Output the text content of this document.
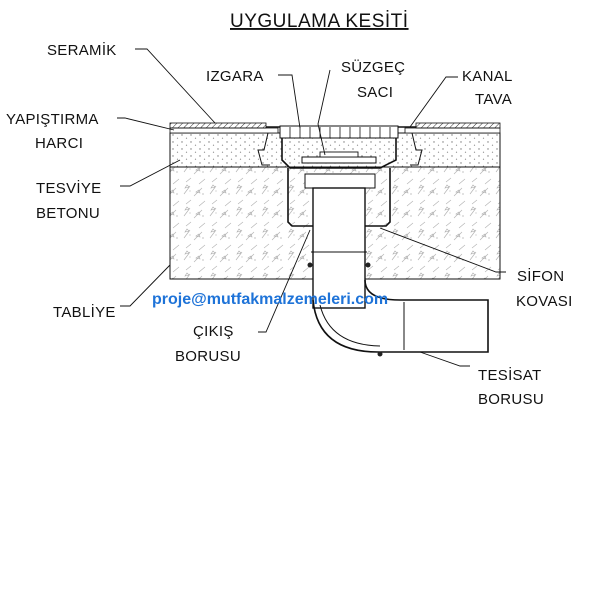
UYGULAMA KESİTİ
SERAMİK
YAPIŞTIRMA
HARCI
TESVİYE
BETONU
TABLİYE
IZGARA
SÜZGEÇ
SACI
KANAL
TAVA
SİFON
KOVASI
ÇIKIŞ
BORUSU
TESİSAT
BORUSU
proje@mutfakmalzemeleri.com
